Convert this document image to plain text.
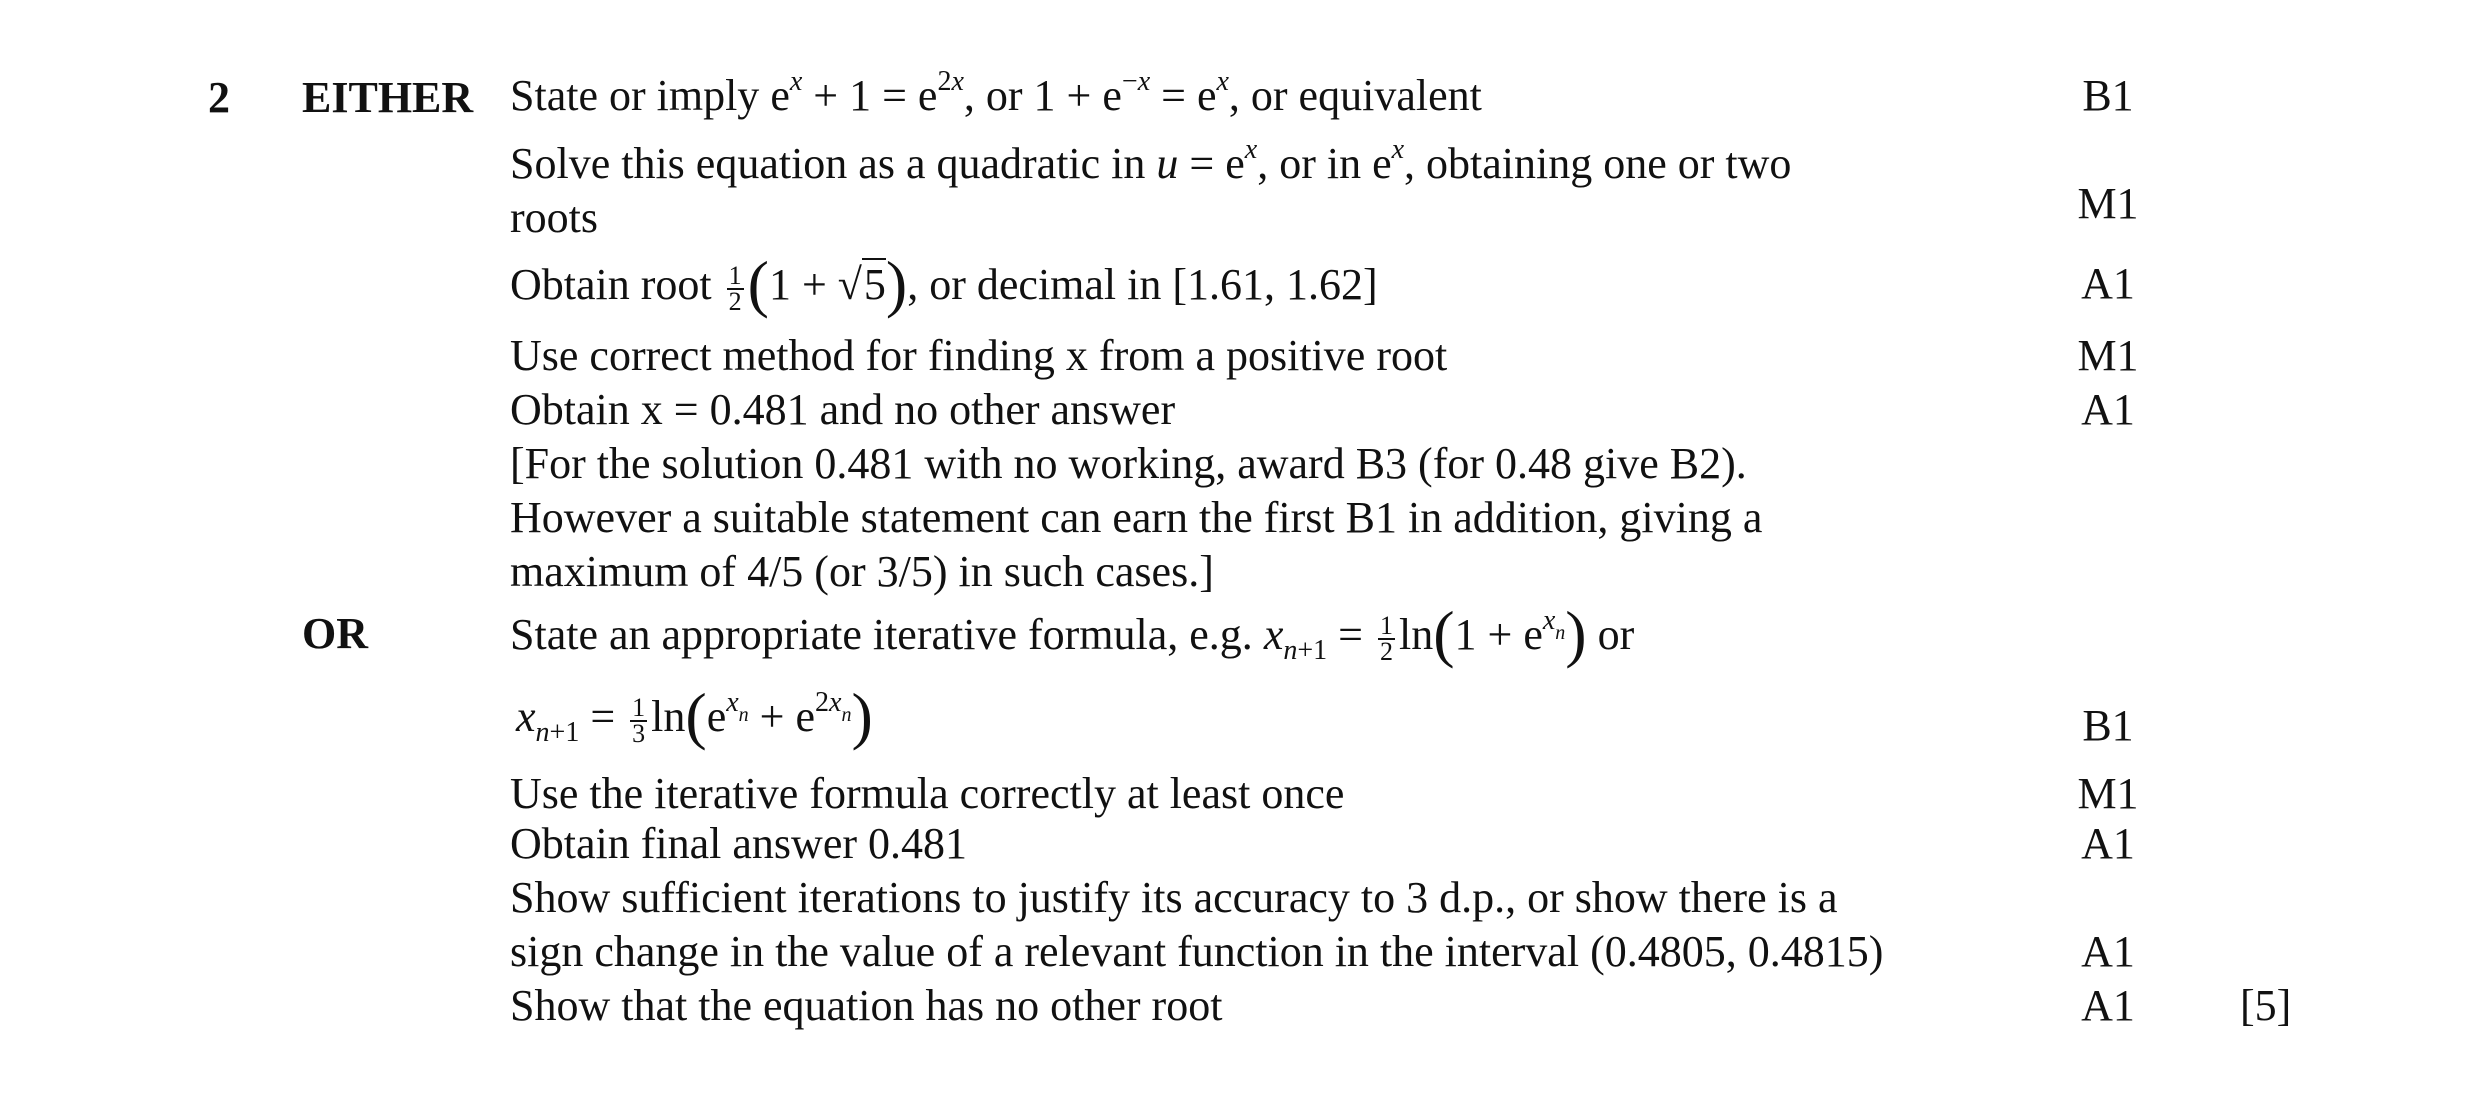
2 EITHER
OR
State or imply $e^x + 1 = e^{2x}$, or $1 + e^{-x} = e^x$, or equivalent
Solve this equation as a quadratic in $u = e^x$, or in $e^x$, obtaining one or two
roots
Obtain root $\frac{1}{2} (1 + √5)$, or decimal in [1.61, 1.62]
Use correct method for finding x from a positive root
Obtain x = 0.481 and no other answer
[For the solution 0.481 with no working, award B3 (for 0.48 give B2).
However a suitable statement can earn the first B1 in addition, giving a
maximum of 4/5 (or 3/5) in such cases.]
State an appropriate iterative formula, e.g. $x_{n+1} = \frac{1}{2} \ln(1 + e^{x_n})$ or
$x_{n+1} = \frac{1}{3} \ln(e^{x_n} + e^{2x_n})$
Use the iterative formula correctly at least once
Obtain final answer 0.481
Show sufficient iterations to justify its accuracy to 3 d.p., or show there is a
sign change in the value of a relevant function in the interval (0.4805, 0.4815)
Show that the equation has no other root
B1
M1
A1
M1
A1
B1
M1
A1
A1
A1 [5]
